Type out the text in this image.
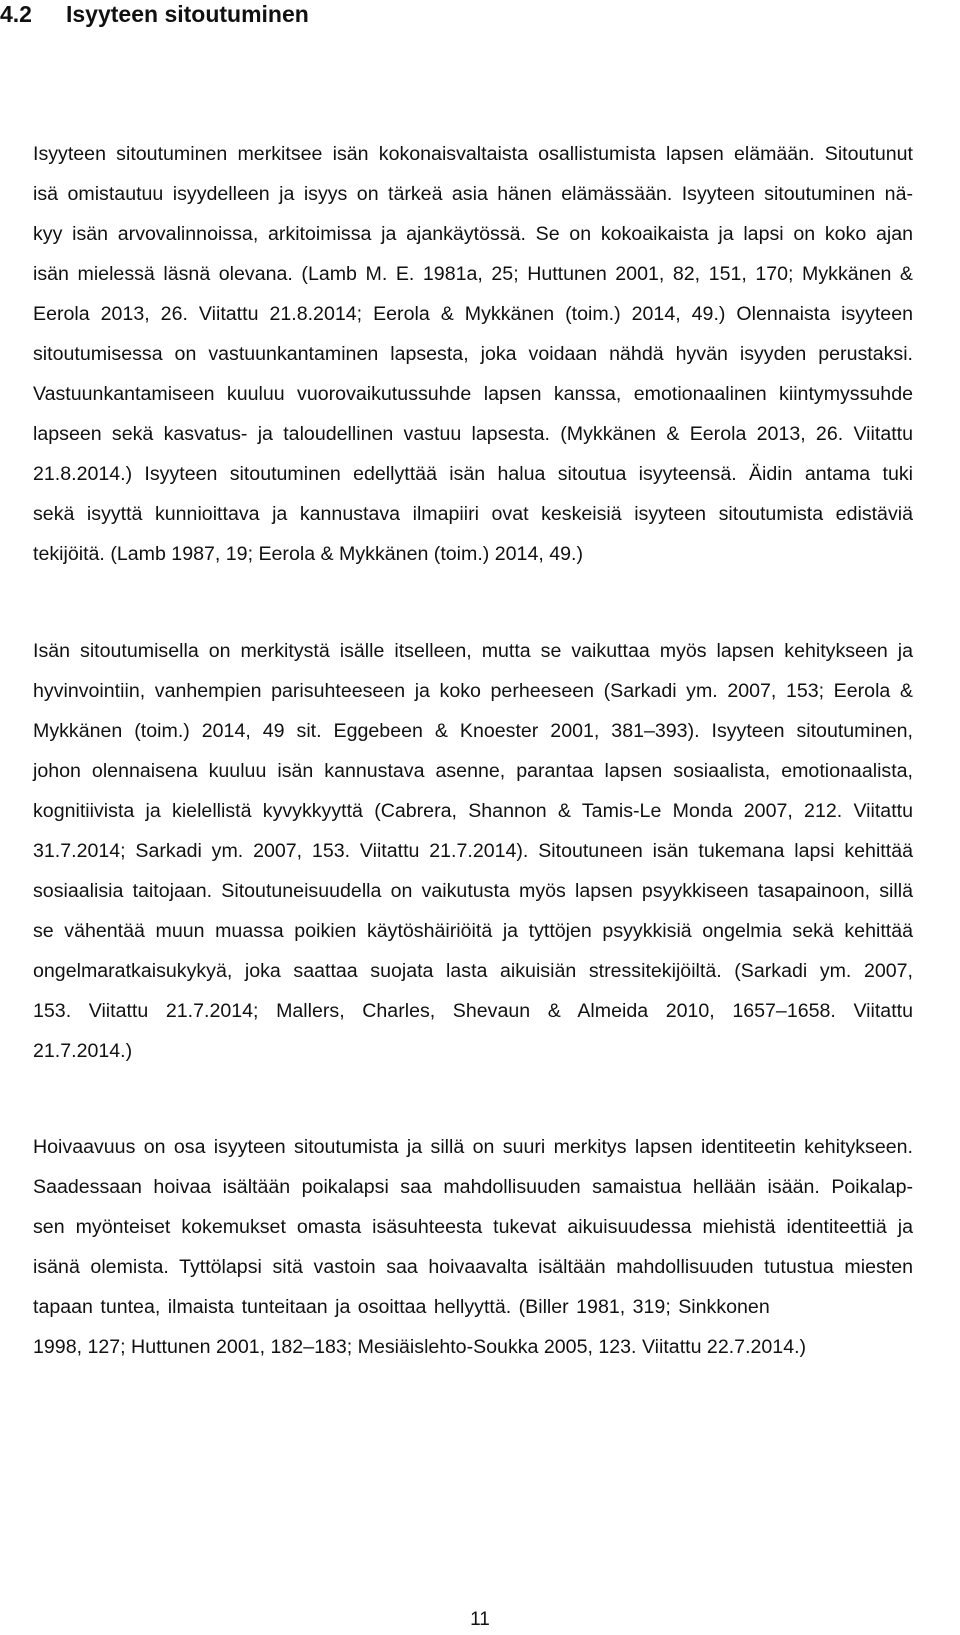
4.2 Isyyteen sitoutuminen
Isyyteen sitoutuminen merkitsee isän kokonaisvaltaista osallistumista lapsen elämään. Sitoutunut
isä omistautuu isyydelleen ja isyys on tärkeä asia hänen elämässään. Isyyteen sitoutuminen nä-
kyy isän arvovalinnoissa, arkitoimissa ja ajankäytössä. Se on kokoaikaista ja lapsi on koko ajan
isän mielessä läsnä olevana. (Lamb M. E. 1981a, 25; Huttunen 2001, 82, 151, 170; Mykkänen &
Eerola 2013, 26. Viitattu 21.8.2014; Eerola & Mykkänen (toim.) 2014, 49.) Olennaista isyyteen
sitoutumisessa on vastuunkantaminen lapsesta, joka voidaan nähdä hyvän isyyden perustaksi.
Vastuunkantamiseen kuuluu vuorovaikutussuhde lapsen kanssa, emotionaalinen kiintymyssuhde
lapseen sekä kasvatus- ja taloudellinen vastuu lapsesta. (Mykkänen & Eerola 2013, 26. Viitattu
21.8.2014.) Isyyteen sitoutuminen edellyttää isän halua sitoutua isyyteensä. Äidin antama tuki
sekä isyyttä kunnioittava ja kannustava ilmapiiri ovat keskeisiä isyyteen sitoutumista edistäviä
tekijöitä. (Lamb 1987, 19; Eerola & Mykkänen (toim.) 2014, 49.)
Isän sitoutumisella on merkitystä isälle itselleen, mutta se vaikuttaa myös lapsen kehitykseen ja
hyvinvointiin, vanhempien parisuhteeseen ja koko perheeseen (Sarkadi ym. 2007, 153; Eerola &
Mykkänen (toim.) 2014, 49 sit. Eggebeen & Knoester 2001, 381–393). Isyyteen sitoutuminen,
johon olennaisena kuuluu isän kannustava asenne, parantaa lapsen sosiaalista, emotionaalista,
kognitiivista ja kielellistä kyvykkyyttä (Cabrera, Shannon & Tamis-Le Monda 2007, 212. Viitattu
31.7.2014; Sarkadi ym. 2007, 153. Viitattu 21.7.2014). Sitoutuneen isän tukemana lapsi kehittää
sosiaalisia taitojaan. Sitoutuneisuudella on vaikutusta myös lapsen psyykkiseen tasapainoon, sillä
se vähentää muun muassa poikien käytöshäiriöitä ja tyttöjen psyykkisiä ongelmia sekä kehittää
ongelmaratkaisukykyä, joka saattaa suojata lasta aikuisiän stressitekijöiltä. (Sarkadi ym. 2007,
153. Viitattu 21.7.2014; Mallers, Charles, Shevaun & Almeida 2010, 1657–1658. Viitattu
21.7.2014.)
Hoivaavuus on osa isyyteen sitoutumista ja sillä on suuri merkitys lapsen identiteetin kehitykseen.
Saadessaan hoivaa isältään poikalapsi saa mahdollisuuden samaistua hellään isään. Poikalap-
sen myönteiset kokemukset omasta isäsuhteesta tukevat aikuisuudessa miehistä identiteettiä ja
isänä olemista. Tyttölapsi sitä vastoin saa hoivaavalta isältään mahdollisuuden tutustua miesten
tapaan tuntea, ilmaista tunteitaan ja osoittaa hellyyttä. (Biller 1981, 319; Sinkkonen
1998, 127; Huttunen 2001, 182–183; Mesiäislehto-Soukka 2005, 123. Viitattu 22.7.2014.)
11
